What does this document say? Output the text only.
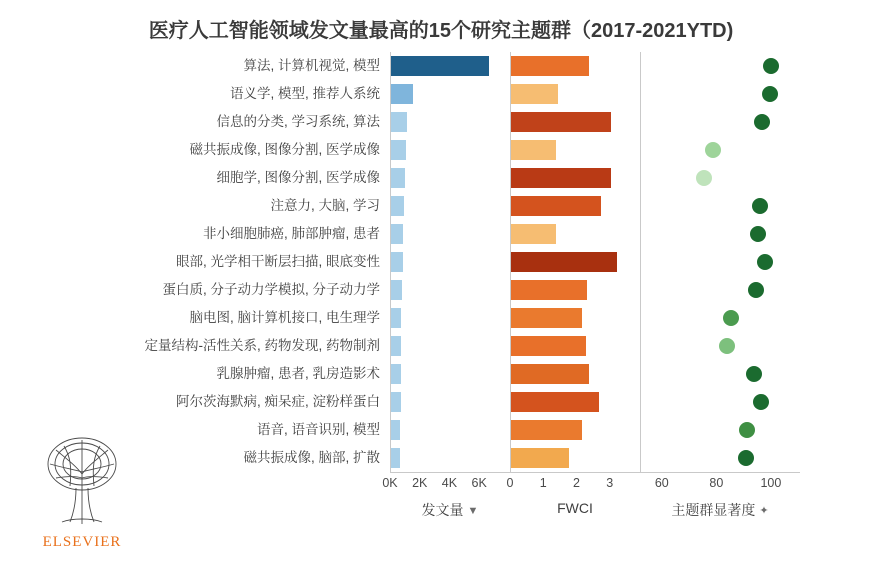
医疗人工智能领域发文量最高的15个研究主题群（2017-2021YTD)
算法, 计算机视觉, 模型
语义学, 模型, 推荐人系统
信息的分类, 学习系统, 算法
磁共振成像, 图像分割, 医学成像
细胞学, 图像分割, 医学成像
注意力, 大脑, 学习
非小细胞肺癌, 肺部肿瘤, 患者
眼部, 光学相干断层扫描, 眼底变性
蛋白质, 分子动力学模拟, 分子动力学
脑电图, 脑计算机接口, 电生理学
定量结构-活性关系, 药物发现, 药物制剂
乳腺肿瘤, 患者, 乳房造影术
阿尔茨海默病, 痴呆症, 淀粉样蛋白
语音, 语音识别, 模型
磁共振成像, 脑部, 扩散
0K 2K 4K 6K
发文量 ▼
0 1 2 3
FWCI
60	80	100
主题群显著度 ✦
ELSEVIER
